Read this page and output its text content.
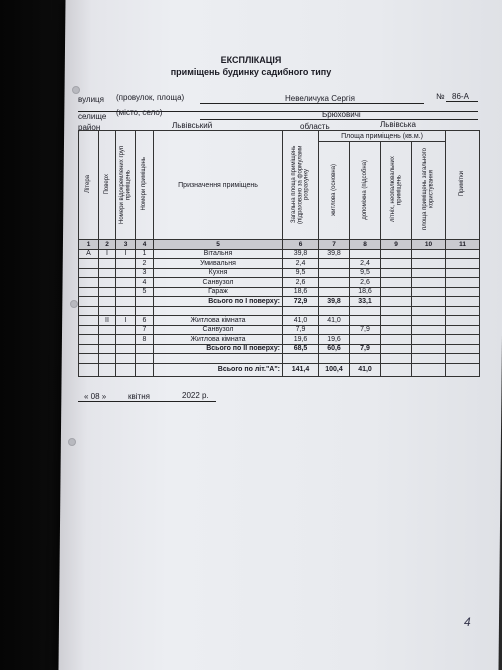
ЕКСПЛІКАЦІЯ
приміщень будинку садибного типу
вулиця (провулок, площа)	Невеличука Сергія	№ 86-А
селище (місто, село)	Брюховичі
район	Львівський	область	Львівська
Літера	Поверх	Номери відокремлених груп приміщень	Номери приміщень	Призначення приміщень	Загальна площа приміщень (підраховано за формулами розрахунку	Площа приміщень (кв.м.)				Примітки
						житлова (основна)	допоміжна (підсобна)	літніх, неопалювальних приміщень	площа приміщень загального користування	
1	2	3	4	5	6	7	8	9	10	11
А	I	I	1	Вітальня	39,8	39,8				
			2	Умивальня	2,4		2,4			
			3	Кухня	9,5		9,5			
			4	Санвузол	2,6		2,6			
			5	Гараж	18,6		18,6			
				Всього по І поверху:	72,9	39,8	33,1			

	II	I	6	Житлова кімната	41,0	41,0				
			7	Санвузол	7,9		7,9			
			8	Житлова кімната	19,6	19,6				
				Всього по ІІ поверху:	68,5	60,6	7,9			

				Всього по літ."А":	141,4	100,4	41,0			
« 08 »	квітня	2022 р.
4
